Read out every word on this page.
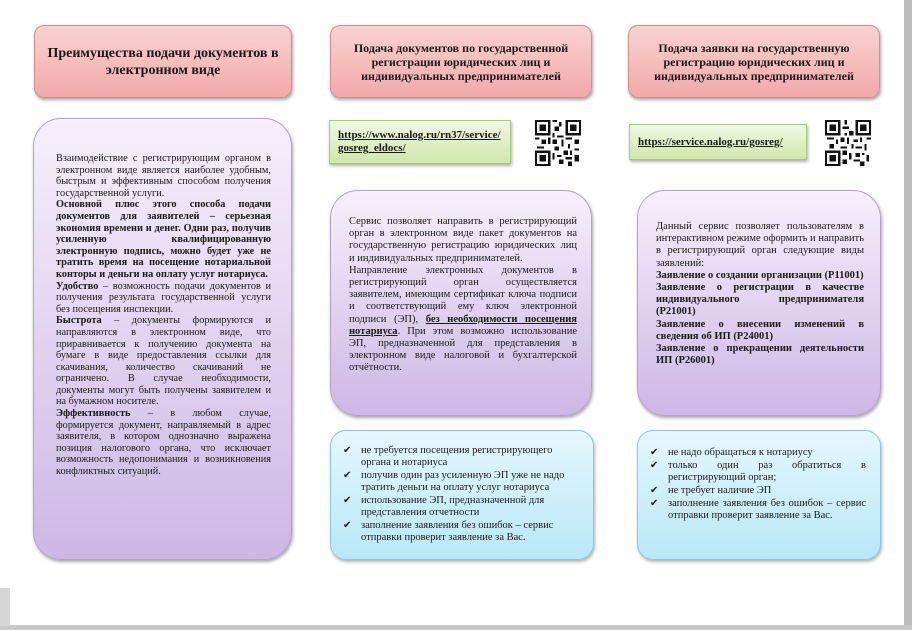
Преимущества подачи документов в электронном виде
Подача документов по государственной регистрации юридических лиц и индивидуальных предпринимателей
Подача заявки на государственную регистрацию юридических лиц и индивидуальных предпринимателей

Взаимодействие с регистрирующим органом в электронном виде является наиболее удобным, быстрым и эффективным способом получения государственной услуги.

Основной плюс этого способа подачи документов для заявителей – серьезная экономия времени и денег. Одни раз, получив усиленную квалифицированную электронную подпись, можно будет уже не тратить время на посещение нотариальной конторы и деньги на оплату услуг нотариуса.

Удобство – возможность подачи документов и получения результата государственной услуги без посещения инспекции.

Быстрота – документы формируются и направляются в электронном виде, что приравнивается к получению документа на бумаге в виде предоставления ссылки для скачивания, количество скачиваний не ограничено. В случае необходимости, документы могут быть получены заявителем и на бумажном носителе.

Эффективность – в любом случае, формируется документ, направляемый в адрес заявителя, в котором однозначно выражена позиция налогового органа, что исключает возможность недопонимания и возникновения конфликтных ситуаций.

https://www.nalog.ru/rn37/service/gosreg_eldocs/
https://service.nalog.ru/gosreg/

Сервис позволяет направить в регистрирующий орган в электронном виде пакет документов на государственную регистрацию юридических лиц и индивидуальных предпринимателей.

Направление электронных документов в регистрирующий орган осуществляется заявителем, имеющим сертификат ключа подписи и соответствующий ему ключ электронной подписи (ЭП), без необходимости посещения нотариуса. При этом возможно использование ЭП, предназначенной для представления в электронном виде налоговой и бухгалтерской отчётности.

Данный сервис позволяет пользователям в интерактивном режиме оформить и направить в регистрирующий орган следующие виды заявлений:

Заявление о создании организации (Р11001)

Заявление о регистрации в качестве индивидуального предпринимателя (Р21001)

Заявление о внесении изменений в сведения об ИП (Р24001)

Заявление о прекращении деятельности ИП (Р26001)

✔ не требуется посещения регистрирующего органа и нотариуса
✔ получив один раз усиленную ЭП уже не надо тратить деньги на оплату услуг нотариуса
✔ использование ЭП, предназначенной для представления отчетности
✔ заполнение заявления без ошибок – сервис отправки проверит заявление за Вас.
✔ не надо обращаться к нотариусу
✔ только один раз обратиться в регистрирующий орган;
✔ не требует наличие ЭП
✔ заполнение заявления без ошибок – сервис отправки проверит заявление за Вас.
